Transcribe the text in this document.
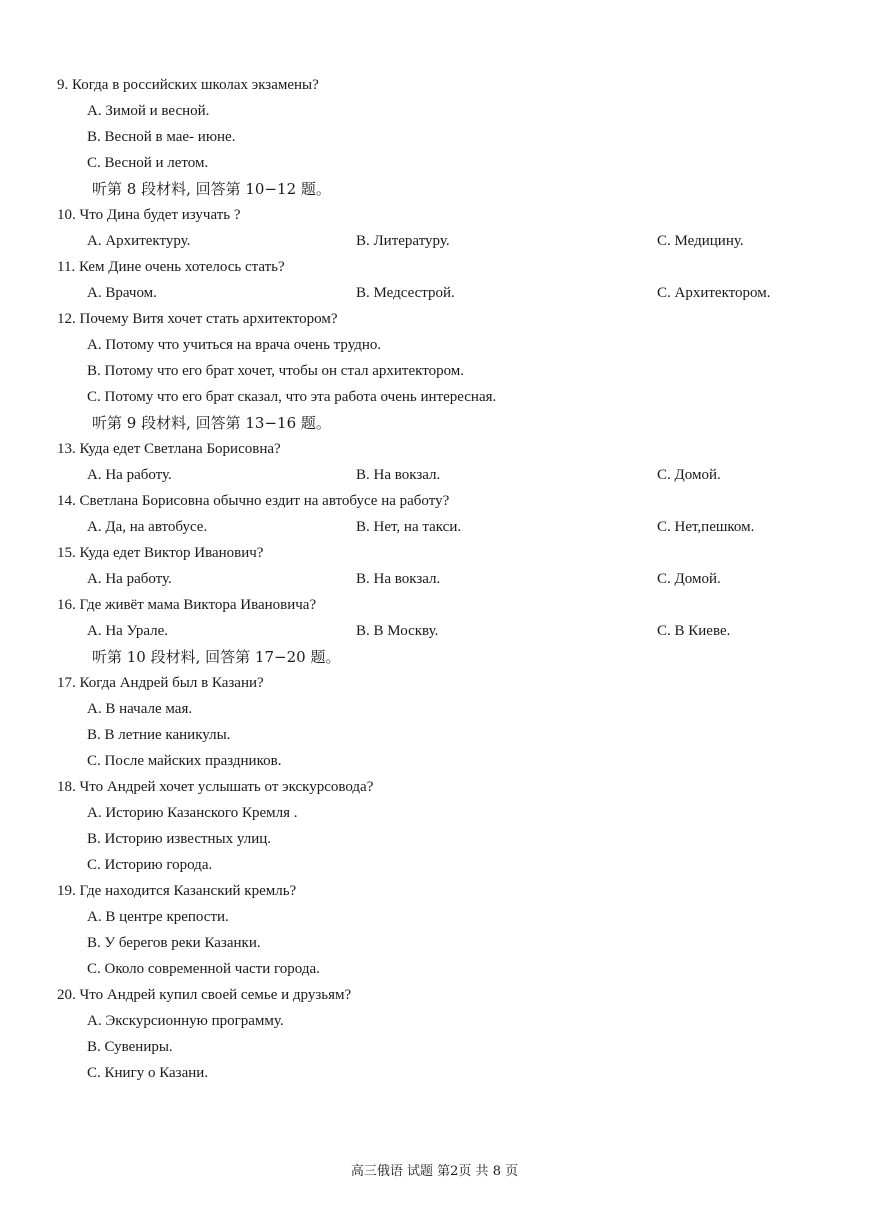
9. Когда в российских школах экзамены?
A. Зимой и весной.
B. Весной в мае- июне.
C. Весной и летом.
听第 8 段材料, 回答第 10−12 题。
10. Что Дина будет изучать ?
A. Архитектуру.	B. Литературу.	C. Медицину.
11. Кем Дине очень хотелось стать?
A. Врачом.	B. Медсестрой.	C. Архитектором.
12. Почему Витя хочет стать архитектором?
A. Потому что учиться на врача очень трудно.
B. Потому что его брат хочет, чтобы он стал архитектором.
C. Потому что его брат сказал, что эта работа очень интересная.
听第 9 段材料, 回答第 13−16 题。
13. Куда едет Светлана Борисовна?
A. На работу.	B. На вокзал.	C. Домой.
14. Светлана Борисовна обычно ездит на автобусе на работу?
A. Да, на автобусе.	B. Нет, на такси.	C. Нет,пешком.
15. Куда едет Виктор Иванович?
A. На работу.	B. На вокзал.	C. Домой.
16. Где живёт мама Виктора Ивановича?
A. На Урале.	B. В Москву.	C. В Киеве.
听第 10 段材料, 回答第 17−20 题。
17. Когда Андрей был в Казани?
A. В начале мая.
B. В летние каникулы.
C. После майских праздников.
18. Что Андрей хочет услышать от экскурсовода?
A. Историю Казанского Кремля .
B. Историю известных улиц.
C. Историю города.
19. Где находится Казанский кремль?
A. В центре крепости.
B. У берегов реки Казанки.
C. Около современной части города.
20. Что Андрей купил своей семье и друзьям?
A. Экскурсионную программу.
B. Сувениры.
C. Книгу о Казани.
高三俄语 试题 第2页 共 8 页
